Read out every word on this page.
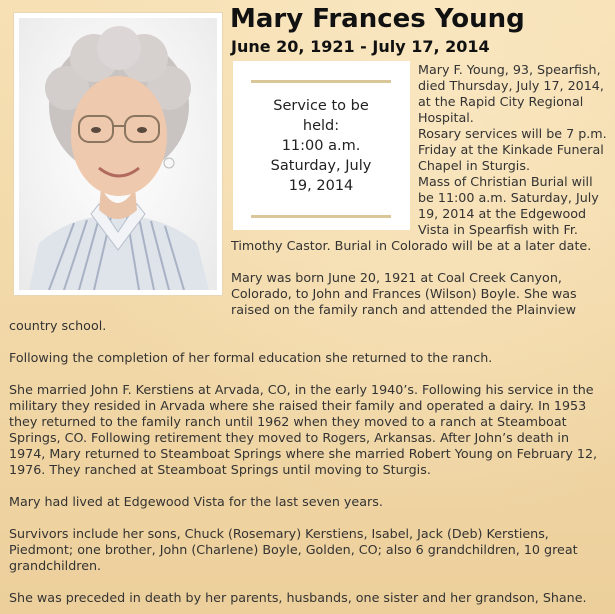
Mary Frances Young
June 20, 1921 - July 17, 2014
Service to be
held:
11:00 a.m.
Saturday, July
19, 2014
Mary F. Young, 93, Spearfish,
died Thursday, July 17, 2014,
at the Rapid City Regional
Hospital.
Rosary services will be 7 p.m.
Friday at the Kinkade Funeral
Chapel in Sturgis.
Mass of Christian Burial will
be 11:00 a.m. Saturday, July
19, 2014 at the Edgewood
Vista in Spearfish with Fr.
Timothy Castor. Burial in Colorado will be at a later date.
Mary was born June 20, 1921 at Coal Creek Canyon,
Colorado, to John and Frances (Wilson) Boyle. She was
raised on the family ranch and attended the Plainview
country school.
Following the completion of her formal education she returned to the ranch.
She married John F. Kerstiens at Arvada, CO, in the early 1940’s. Following his service in the
military they resided in Arvada where she raised their family and operated a dairy. In 1953
they returned to the family ranch until 1962 when they moved to a ranch at Steamboat
Springs, CO. Following retirement they moved to Rogers, Arkansas. After John’s death in
1974, Mary returned to Steamboat Springs where she married Robert Young on February 12,
1976. They ranched at Steamboat Springs until moving to Sturgis.
Mary had lived at Edgewood Vista for the last seven years.
Survivors include her sons, Chuck (Rosemary) Kerstiens, Isabel, Jack (Deb) Kerstiens,
Piedmont; one brother, John (Charlene) Boyle, Golden, CO; also 6 grandchildren, 10 great
grandchildren.
She was preceded in death by her parents, husbands, one sister and her grandson, Shane.
